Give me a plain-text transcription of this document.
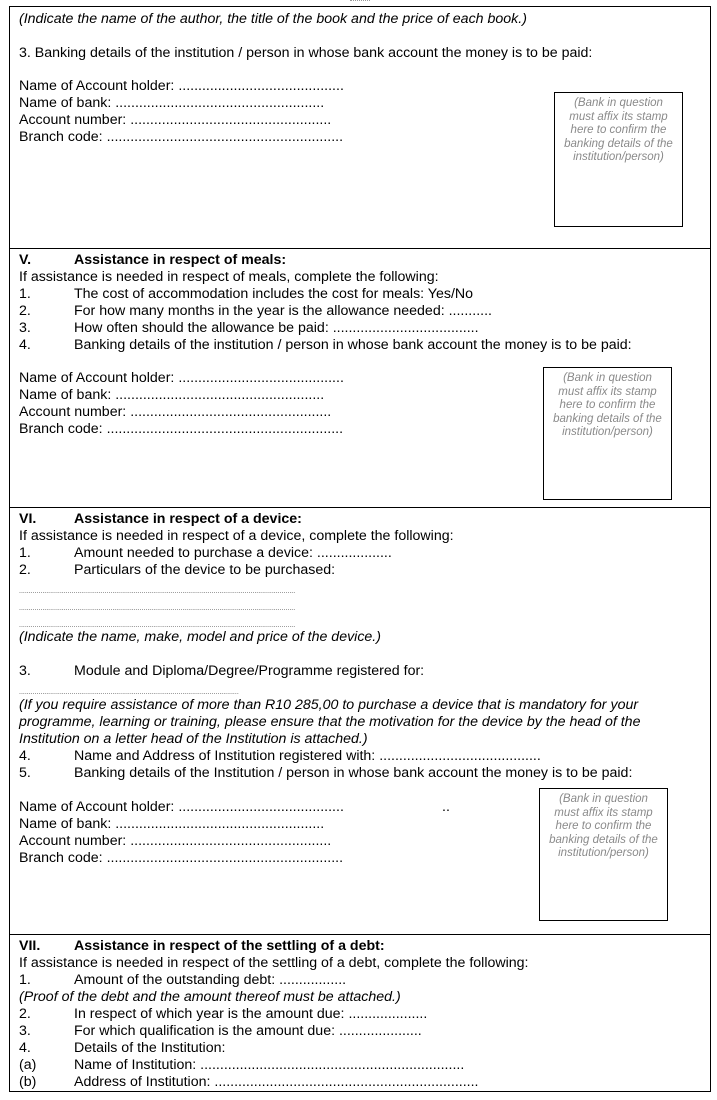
(Indicate the name of the author, the title of the book and the price of each book.)
3. Banking details of the institution / person in whose bank account the money is to be paid:
Name of Account holder: ..........................................
Name of bank: .....................................................
Account number: ...................................................
Branch code: ............................................................
(Bank in question must affix its stamp here to confirm the banking details of the institution/person)
V.	Assistance in respect of meals:
If assistance is needed in respect of meals, complete the following:
1.	The cost of accommodation includes the cost for meals: Yes/No
2.	For how many months in the year is the allowance needed: ...........
3.	How often should the allowance be paid: .....................................
4.	Banking details of the institution / person in whose bank account the money is to be paid:
Name of Account holder: ..........................................
Name of bank: .....................................................
Account number: ...................................................
Branch code: ............................................................
(Bank in question must affix its stamp here to confirm the banking details of the institution/person)
VI.	Assistance in respect of a device:
If assistance is needed in respect of a device, complete the following:
1.	Amount needed to purchase a device: ...................
2.	Particulars of the device to be purchased:
..............................................................................................................................................
..............................................................................................................................................
..............................................................................................................................................
(Indicate the name, make, model and price of the device.)
3.	Module and Diploma/Degree/Programme registered for:
.................................................................................................................
(If you require assistance of more than R10 285,00 to purchase a device that is mandatory for your
programme, learning or training, please ensure that the motivation for the device by the head of the
Institution on a letter head of the Institution is attached.)
4.	Name and Address of Institution registered with: .........................................
5.	Banking details of the Institution / person in whose bank account the money is to be paid:
Name of Account holder: ..........................................	..
Name of bank: .....................................................
Account number: ...................................................
Branch code: ............................................................
(Bank in question must affix its stamp here to confirm the banking details of the institution/person)
VII. Assistance in respect of the settling of a debt:
If assistance is needed in respect of the settling of a debt, complete the following:
1.	Amount of the outstanding debt: .................
(Proof of the debt and the amount thereof must be attached.)
2.	In respect of which year is the amount due: ....................
3.	For which qualification is the amount due: .....................
4.	Details of the Institution:
(a)	Name of Institution: ...................................................................
(b)	Address of Institution: ...................................................................
